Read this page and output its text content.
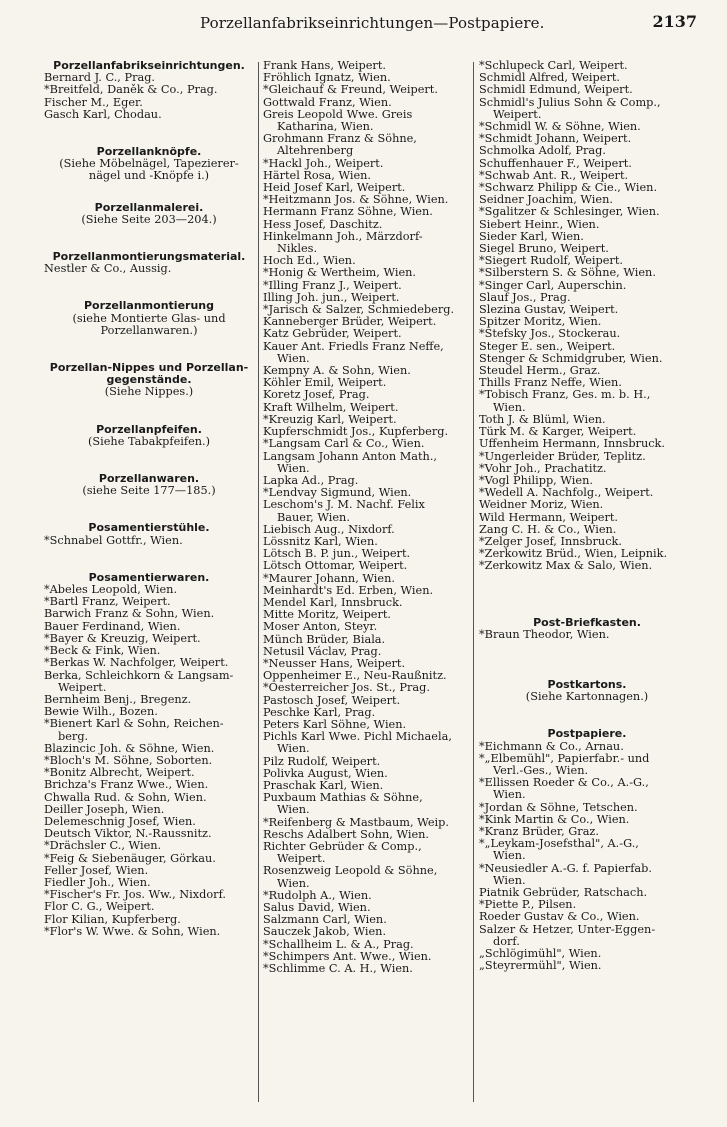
Porzellanfabrikseinrichtungen—Postpapiere.	2137
Porzellanfabrikseinrichtungen.
Bernard J. C., Prag.
*Breitfeld, Daněk & Co., Prag.
Fischer M., Eger.
Gasch Karl, Chodau.
Porzellanknöpfe.
(Siehe Möbelnägel, Tapezierer-
nägel und -Knöpfe i.)
Porzellanmalerei.
(Siehe Seite 203—204.)
Porzellanmontierungsmaterial.
Nestler & Co., Aussig.
Porzellanmontierung
(siehe Montierte Glas- und
Porzellanwaren.)
Porzellan-Nippes und Porzellan-
gegenstände.
(Siehe Nippes.)
Porzellanpfeifen.
(Siehe Tabakpfeifen.)
Porzellanwaren.
(siehe Seite 177—185.)
Posamentierstühle.
*Schnabel Gottfr., Wien.
Posamentierwaren.
*Abeles Leopold, Wien.
*Bartl Franz, Weipert.
Barwich Franz & Sohn, Wien.
Bauer Ferdinand, Wien.
*Bayer & Kreuzig, Weipert.
*Beck & Fink, Wien.
*Berkas W. Nachfolger, Weipert.
Berka, Schleichkorn & Langsam-
Weipert.
Bernheim Benj., Bregenz.
Bewie Wilh., Bozen.
*Bienert Karl & Sohn, Reichen-
berg.
Blazincic Joh. & Söhne, Wien.
*Bloch's M. Söhne, Soborten.
*Bonitz Albrecht, Weipert.
Brichza's Franz Wwe., Wien.
Chwalla Rud. & Sohn, Wien.
Deiller Joseph, Wien.
Delemeschnig Josef, Wien.
Deutsch Viktor, N.-Raussnitz.
*Drächsler C., Wien.
*Feig & Siebenäuger, Görkau.
Feller Josef, Wien.
Fiedler Joh., Wien.
*Fischer's Fr. Jos. Ww., Nixdorf.
Flor C. G., Weipert.
Flor Kilian, Kupferberg.
*Flor's W. Wwe. & Sohn, Wien.
Frank Hans, Weipert.
Fröhlich Ignatz, Wien.
*Gleichauf & Freund, Weipert.
Gottwald Franz, Wien.
Greis Leopold Wwe. Greis
Katharina, Wien.
Grohmann Franz & Söhne,
Altehrenberg
*Hackl Joh., Weipert.
Härtel Rosa, Wien.
Heid Josef Karl, Weipert.
*Heitzmann Jos. & Söhne, Wien.
Hermann Franz Söhne, Wien.
Hess Josef, Daschitz.
Hinkelmann Joh., Märzdorf-
Nikles.
Hoch Ed., Wien.
*Honig & Wertheim, Wien.
*Illing Franz J., Weipert.
Illing Joh. jun., Weipert.
*Jarisch & Salzer, Schmiedeberg.
Kanneberger Brüder, Weipert.
Katz Gebrüder, Weipert.
Kauer Ant. Friedls Franz Neffe,
Wien.
Kempny A. & Sohn, Wien.
Köhler Emil, Weipert.
Koretz Josef, Prag.
Kraft Wilhelm, Weipert.
*Kreuzig Karl, Weipert.
Kupferschmidt Jos., Kupferberg.
*Langsam Carl & Co., Wien.
Langsam Johann Anton Math.,
Wien.
Lapka Ad., Prag.
*Lendvay Sigmund, Wien.
Leschom's J. M. Nachf. Felix
Bauer, Wien.
Liebisch Aug., Nixdorf.
Lössnitz Karl, Wien.
Lötsch B. P. jun., Weipert.
Lötsch Ottomar, Weipert.
*Maurer Johann, Wien.
Meinhardt's Ed. Erben, Wien.
Mendel Karl, Innsbruck.
Mitte Moritz, Weipert.
Moser Anton, Steyr.
Münch Brüder, Biala.
Netusil Václav, Prag.
*Neusser Hans, Weipert.
Oppenheimer E., Neu-Raußnitz.
*Oesterreicher Jos. St., Prag.
Pastosch Josef, Weipert.
Peschke Karl, Prag.
Peters Karl Söhne, Wien.
Pichls Karl Wwe. Pichl Michaela,
Wien.
Pilz Rudolf, Weipert.
Polivka August, Wien.
Praschak Karl, Wien.
Puxbaum Mathias & Söhne,
Wien.
*Reifenberg & Mastbaum, Weip.
Reschs Adalbert Sohn, Wien.
Richter Gebrüder & Comp.,
Weipert.
Rosenzweig Leopold & Söhne,
Wien.
*Rudolph A., Wien.
Salus David, Wien.
Salzmann Carl, Wien.
Sauczek Jakob, Wien.
*Schallheim L. & A., Prag.
*Schimpers Ant. Wwe., Wien.
*Schlimme C. A. H., Wien.
*Schlupeck Carl, Weipert.
Schmidl Alfred, Weipert.
Schmidl Edmund, Weipert.
Schmidl's Julius Sohn & Comp.,
Weipert.
*Schmidl W. & Söhne, Wien.
*Schmidt Johann, Weipert.
Schmolka Adolf, Prag.
Schuffenhauer F., Weipert.
*Schwab Ant. R., Weipert.
*Schwarz Philipp & Cie., Wien.
Seidner Joachim, Wien.
*Sgalitzer & Schlesinger, Wien.
Siebert Heinr., Wien.
Sieder Karl, Wien.
Siegel Bruno, Weipert.
*Siegert Rudolf, Weipert.
*Silberstern S. & Söhne, Wien.
*Singer Carl, Auperschin.
Slauf Jos., Prag.
Slezina Gustav, Weipert.
Spitzer Moritz, Wien.
*Stefsky Jos., Stockerau.
Steger E. sen., Weipert.
Stenger & Schmidgruber, Wien.
Steudel Herm., Graz.
Thills Franz Neffe, Wien.
*Tobisch Franz, Ges. m. b. H.,
Wien.
Toth J. & Blüml, Wien.
Türk M. & Karger, Weipert.
Uffenheim Hermann, Innsbruck.
*Ungerleider Brüder, Teplitz.
*Vohr Joh., Prachatitz.
*Vogl Philipp, Wien.
*Wedell A. Nachfolg., Weipert.
Weidner Moriz, Wien.
Wild Hermann, Weipert.
Zang C. H. & Co., Wien.
*Zelger Josef, Innsbruck.
*Zerkowitz Brüd., Wien, Leipnik.
*Zerkowitz Max & Salo, Wien.
Post-Briefkasten.
*Braun Theodor, Wien.
Postkartons.
(Siehe Kartonnagen.)
Postpapiere.
*Eichmann & Co., Arnau.
*„Elbemühl", Papierfabr.- und
Verl.-Ges., Wien.
*Ellissen Roeder & Co., A.-G.,
Wien.
*Jordan & Söhne, Tetschen.
*Kink Martin & Co., Wien.
*Kranz Brüder, Graz.
*„Leykam-Josefsthal", A.-G.,
Wien.
*Neusiedler A.-G. f. Papierfab.
Wien.
Piatnik Gebrüder, Ratschach.
*Piette P., Pilsen.
Roeder Gustav & Co., Wien.
Salzer & Hetzer, Unter-Eggen-
dorf.
„Schlögimühl", Wien.
„Steyrermühl", Wien.
